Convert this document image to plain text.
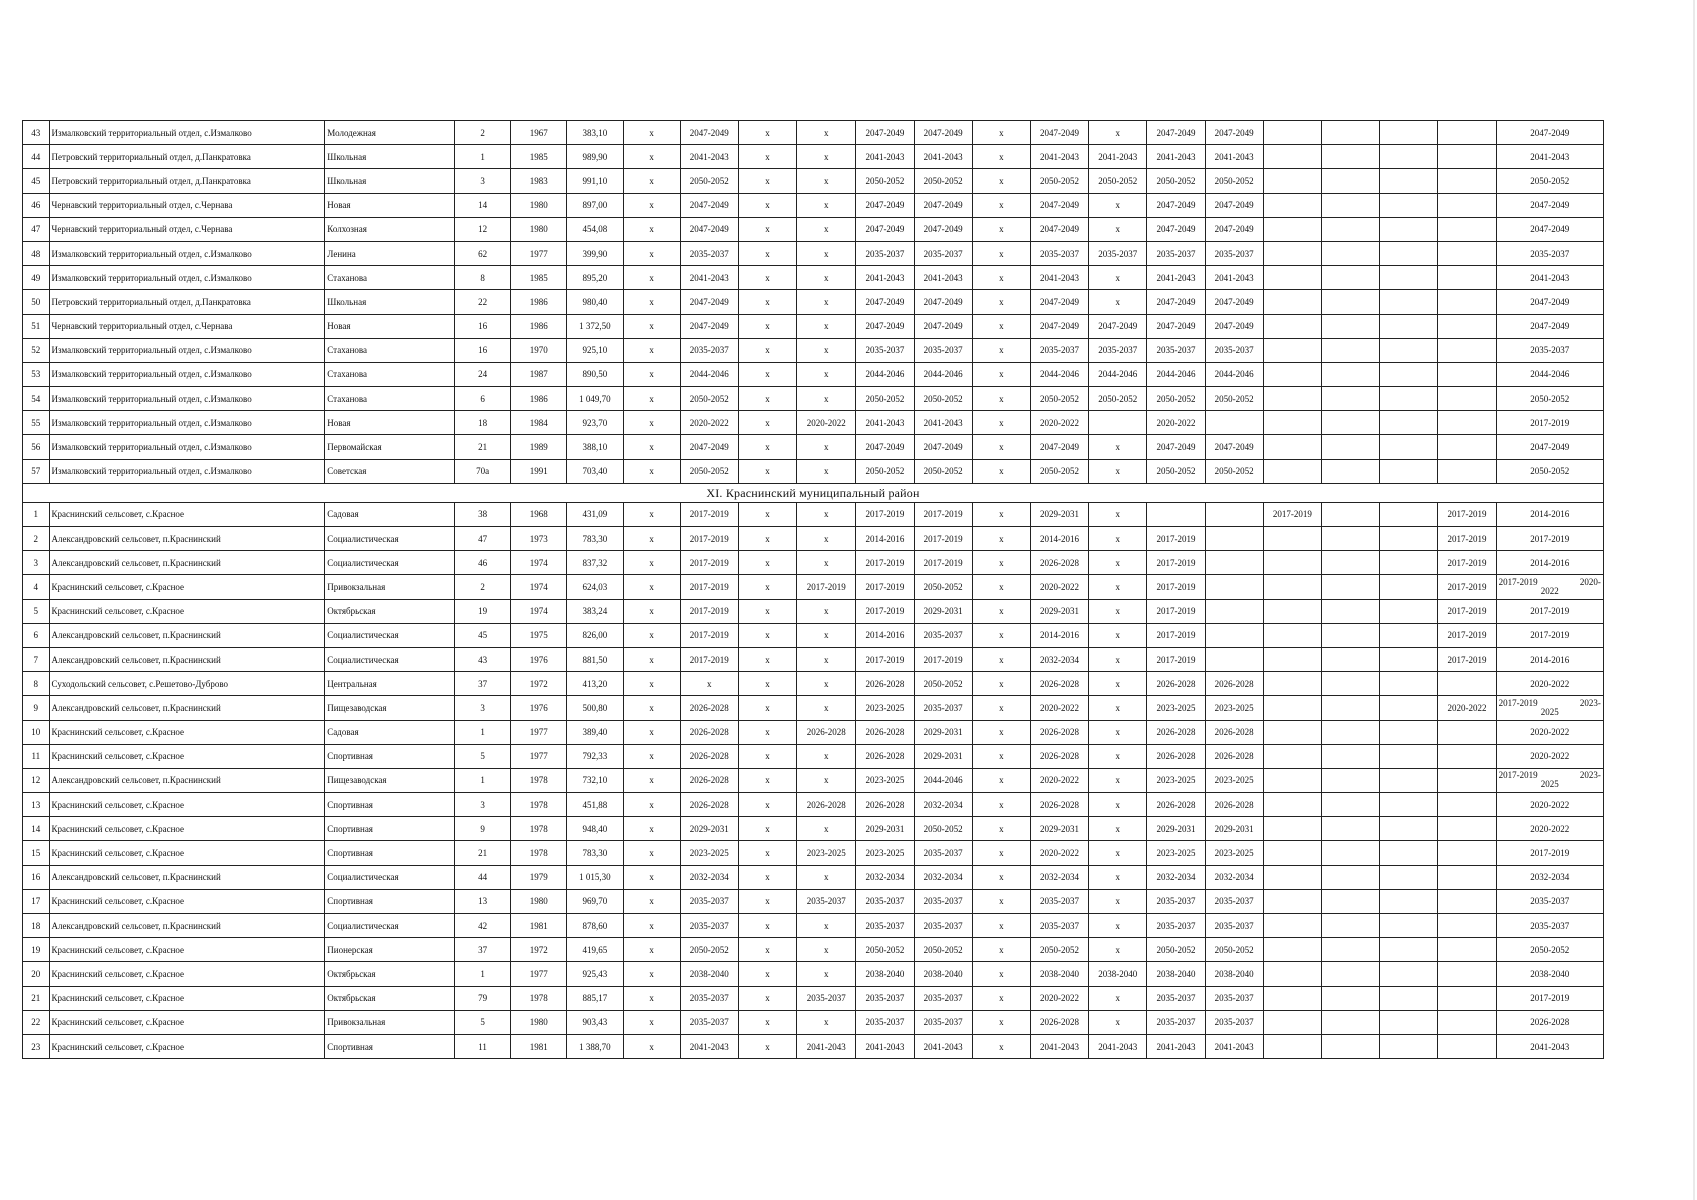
43	Измалковский территориальный отдел, с.Измалково	Молодежная	2	1967	383,10	x	2047-2049	x	x	2047-2049	2047-2049	x	2047-2049	x	2047-2049	2047-2049					2047-2049
44	Петровский территориальный отдел, д.Панкратовка	Школьная	1	1985	989,90	x	2041-2043	x	x	2041-2043	2041-2043	x	2041-2043	2041-2043	2041-2043	2041-2043					2041-2043
45	Петровский территориальный отдел, д.Панкратовка	Школьная	3	1983	991,10	x	2050-2052	x	x	2050-2052	2050-2052	x	2050-2052	2050-2052	2050-2052	2050-2052					2050-2052
46	Чернавский территориальный отдел, с.Чернава	Новая	14	1980	897,00	x	2047-2049	x	x	2047-2049	2047-2049	x	2047-2049	x	2047-2049	2047-2049					2047-2049
47	Чернавский территориальный отдел, с.Чернава	Колхозная	12	1980	454,08	x	2047-2049	x	x	2047-2049	2047-2049	x	2047-2049	x	2047-2049	2047-2049					2047-2049
48	Измалковский территориальный отдел, с.Измалково	Ленина	62	1977	399,90	x	2035-2037	x	x	2035-2037	2035-2037	x	2035-2037	2035-2037	2035-2037	2035-2037					2035-2037
49	Измалковский территориальный отдел, с.Измалково	Стаханова	8	1985	895,20	x	2041-2043	x	x	2041-2043	2041-2043	x	2041-2043	x	2041-2043	2041-2043					2041-2043
50	Петровский территориальный отдел, д.Панкратовка	Школьная	22	1986	980,40	x	2047-2049	x	x	2047-2049	2047-2049	x	2047-2049	x	2047-2049	2047-2049					2047-2049
51	Чернавский территориальный отдел, с.Чернава	Новая	16	1986	1 372,50	x	2047-2049	x	x	2047-2049	2047-2049	x	2047-2049	2047-2049	2047-2049	2047-2049					2047-2049
52	Измалковский территориальный отдел, с.Измалково	Стаханова	16	1970	925,10	x	2035-2037	x	x	2035-2037	2035-2037	x	2035-2037	2035-2037	2035-2037	2035-2037					2035-2037
53	Измалковский территориальный отдел, с.Измалково	Стаханова	24	1987	890,50	x	2044-2046	x	x	2044-2046	2044-2046	x	2044-2046	2044-2046	2044-2046	2044-2046					2044-2046
54	Измалковский территориальный отдел, с.Измалково	Стаханова	6	1986	1 049,70	x	2050-2052	x	x	2050-2052	2050-2052	x	2050-2052	2050-2052	2050-2052	2050-2052					2050-2052
55	Измалковский территориальный отдел, с.Измалково	Новая	18	1984	923,70	x	2020-2022	x	2020-2022	2041-2043	2041-2043	x	2020-2022		2020-2022						2017-2019
56	Измалковский территориальный отдел, с.Измалково	Первомайская	21	1989	388,10	x	2047-2049	x	x	2047-2049	2047-2049	x	2047-2049	x	2047-2049	2047-2049					2047-2049
57	Измалковский территориальный отдел, с.Измалково	Советская	70а	1991	703,40	x	2050-2052	x	x	2050-2052	2050-2052	x	2050-2052	x	2050-2052	2050-2052					2050-2052
XI. Краснинский муниципальный район																					
1	Краснинский сельсовет, с.Красное	Садовая	38	1968	431,09	x	2017-2019	x	x	2017-2019	2017-2019	x	2029-2031	x			2017-2019			2017-2019	2014-2016
2	Александровский сельсовет, п.Краснинский	Социалистическая	47	1973	783,30	x	2017-2019	x	x	2014-2016	2017-2019	x	2014-2016	x	2017-2019					2017-2019	2017-2019
3	Александровский сельсовет, п.Краснинский	Социалистическая	46	1974	837,32	x	2017-2019	x	x	2017-2019	2017-2019	x	2026-2028	x	2017-2019					2017-2019	2014-2016
4	Краснинский сельсовет, с.Красное	Привокзальная	2	1974	624,03	x	2017-2019	x	2017-2019	2017-2019	2050-2052	x	2020-2022	x	2017-2019					2017-2019	2017-2019 2020-2022
5	Краснинский сельсовет, с.Красное	Октябрьская	19	1974	383,24	x	2017-2019	x	x	2017-2019	2029-2031	x	2029-2031	x	2017-2019					2017-2019	2017-2019
6	Александровский сельсовет, п.Краснинский	Социалистическая	45	1975	826,00	x	2017-2019	x	x	2014-2016	2035-2037	x	2014-2016	x	2017-2019					2017-2019	2017-2019
7	Александровский сельсовет, п.Краснинский	Социалистическая	43	1976	881,50	x	2017-2019	x	x	2017-2019	2017-2019	x	2032-2034	x	2017-2019					2017-2019	2014-2016
8	Суходольский сельсовет, с.Решетово-Дуброво	Центральная	37	1972	413,20	x	x	x	x	2026-2028	2050-2052	x	2026-2028	x	2026-2028	2026-2028					2020-2022
9	Александровский сельсовет, п.Краснинский	Пищезаводская	3	1976	500,80	x	2026-2028	x	x	2023-2025	2035-2037	x	2020-2022	x	2023-2025	2023-2025				2020-2022	2017-2019 2023-2025
10	Краснинский сельсовет, с.Красное	Садовая	1	1977	389,40	x	2026-2028	x	2026-2028	2026-2028	2029-2031	x	2026-2028	x	2026-2028	2026-2028					2020-2022
11	Краснинский сельсовет, с.Красное	Спортивная	5	1977	792,33	x	2026-2028	x	x	2026-2028	2029-2031	x	2026-2028	x	2026-2028	2026-2028					2020-2022
12	Александровский сельсовет, п.Краснинский	Пищезаводская	1	1978	732,10	x	2026-2028	x	x	2023-2025	2044-2046	x	2020-2022	x	2023-2025	2023-2025					2017-2019 2023-2025
13	Краснинский сельсовет, с.Красное	Спортивная	3	1978	451,88	x	2026-2028	x	2026-2028	2026-2028	2032-2034	x	2026-2028	x	2026-2028	2026-2028					2020-2022
14	Краснинский сельсовет, с.Красное	Спортивная	9	1978	948,40	x	2029-2031	x	x	2029-2031	2050-2052	x	2029-2031	x	2029-2031	2029-2031					2020-2022
15	Краснинский сельсовет, с.Красное	Спортивная	21	1978	783,30	x	2023-2025	x	2023-2025	2023-2025	2035-2037	x	2020-2022	x	2023-2025	2023-2025					2017-2019
16	Александровский сельсовет, п.Краснинский	Социалистическая	44	1979	1 015,30	x	2032-2034	x	x	2032-2034	2032-2034	x	2032-2034	x	2032-2034	2032-2034					2032-2034
17	Краснинский сельсовет, с.Красное	Спортивная	13	1980	969,70	x	2035-2037	x	2035-2037	2035-2037	2035-2037	x	2035-2037	x	2035-2037	2035-2037					2035-2037
18	Александровский сельсовет, п.Краснинский	Социалистическая	42	1981	878,60	x	2035-2037	x	x	2035-2037	2035-2037	x	2035-2037	x	2035-2037	2035-2037					2035-2037
19	Краснинский сельсовет, с.Красное	Пионерская	37	1972	419,65	x	2050-2052	x	x	2050-2052	2050-2052	x	2050-2052	x	2050-2052	2050-2052					2050-2052
20	Краснинский сельсовет, с.Красное	Октябрьская	1	1977	925,43	x	2038-2040	x	x	2038-2040	2038-2040	x	2038-2040	2038-2040	2038-2040	2038-2040					2038-2040
21	Краснинский сельсовет, с.Красное	Октябрьская	79	1978	885,17	x	2035-2037	x	2035-2037	2035-2037	2035-2037	x	2020-2022	x	2035-2037	2035-2037					2017-2019
22	Краснинский сельсовет, с.Красное	Привокзальная	5	1980	903,43	x	2035-2037	x	x	2035-2037	2035-2037	x	2026-2028	x	2035-2037	2035-2037					2026-2028
23	Краснинский сельсовет, с.Красное	Спортивная	11	1981	1 388,70	x	2041-2043	x	2041-2043	2041-2043	2041-2043	x	2041-2043	2041-2043	2041-2043	2041-2043					2041-2043
